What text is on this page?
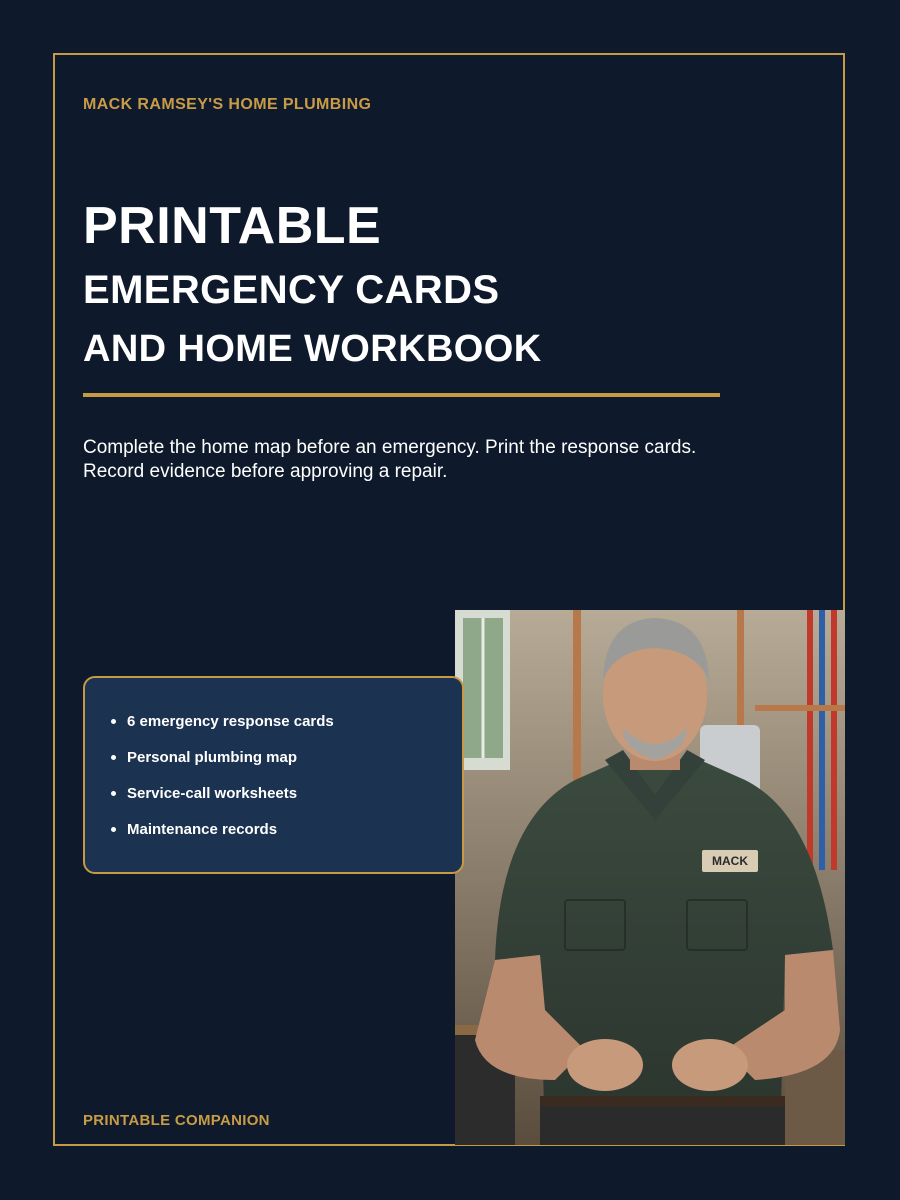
MACK RAMSEY'S HOME PLUMBING
PRINTABLE
EMERGENCY CARDS
AND HOME WORKBOOK
Complete the home map before an emergency. Print the response cards.
Record evidence before approving a repair.
MACK
6 emergency response cards
Personal plumbing map
Service-call worksheets
Maintenance records
PRINTABLE COMPANION
